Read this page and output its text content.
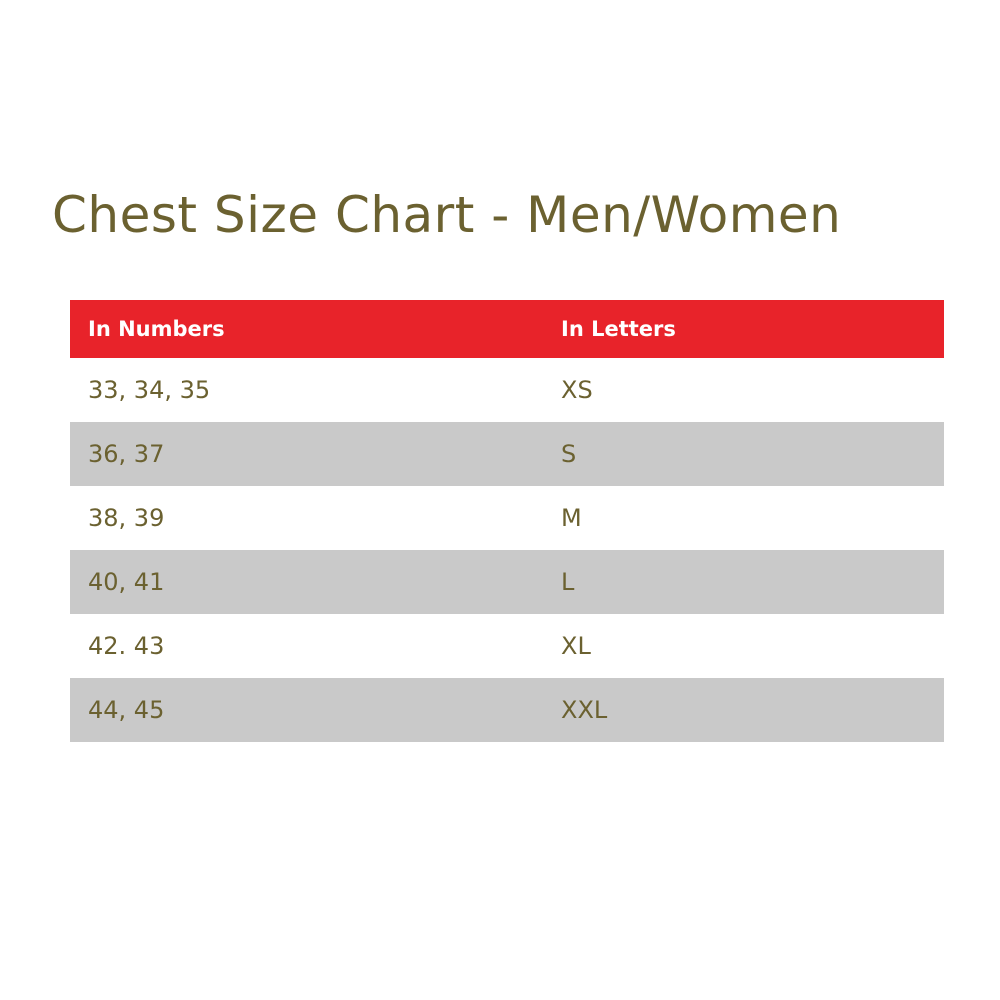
Chest Size Chart - Men/Women
In Numbers	In Letters
33, 34, 35	XS
36, 37	S
38, 39	M
40, 41	L
42. 43	XL
44, 45	XXL
